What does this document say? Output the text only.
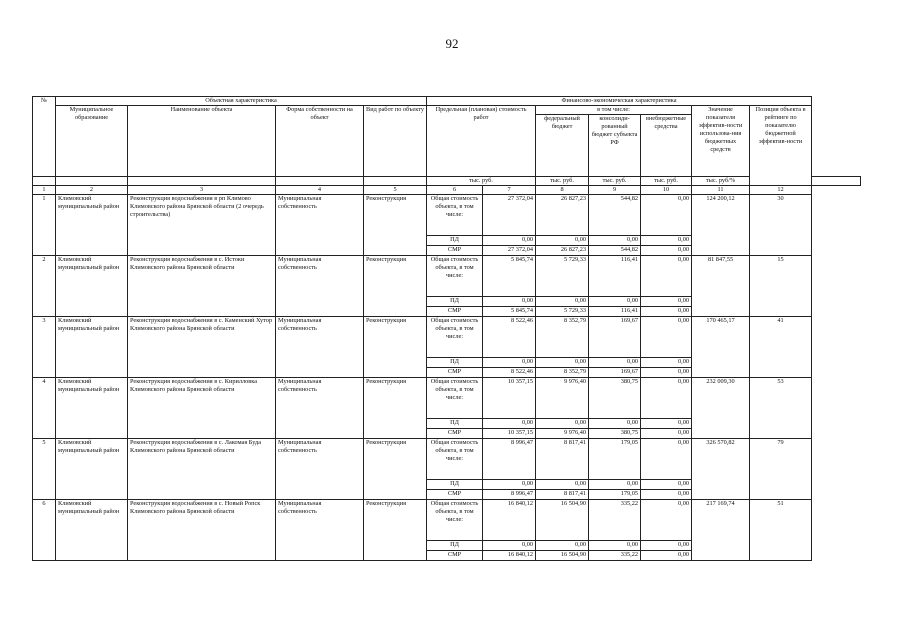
92
№	Объектная характеристика				Финансово-экономическая характеристика							
	Муниципальное образование	Наименование объекта	Форма собственности на объект	Вид работ по объекту	Предельная (плановая) стоимость работ		в том числе:			Значение показателя эффектив-ности использова-ния бюджетных средств	Позиция объекта в рейтинге по показателю бюджетной эффектив-ности	
							федеральный бюджет	консолиди-рованный бюджет субъекта РФ	внебюджетные средства			
					тыс. руб.		тыс. руб.	тыс. руб.	тыс. руб.	тыс. руб/%		
1	2	3	4	5	6	7	8	9	10	11	12	
1	Климовский муниципальный район	Реконструкция водоснабжения в рп Климово Климовского района Брянской области (2 очередь строительства)	Муниципальная собственность	Реконструкция	Общая стоимость объекта, в том числе:	27 372,04	26 827,23	544,82	0,00	124 200,12	30	
					ПД	0,00	0,00	0,00	0,00			
					СМР	27 372,04	26 827,23	544,82	0,00			
2	Климовский муниципальный район	Реконструкция водоснабжения в с. Истоки Климовского района Брянской области	Муниципальная собственность	Реконструкция	Общая стоимость объекта, в том числе:	5 845,74	5 729,33	116,41	0,00	81 847,55	15	
					ПД	0,00	0,00	0,00	0,00			
					СМР	5 845,74	5 729,33	116,41	0,00			
3	Климовский муниципальный район	Реконструкция водоснабжения в с. Каменский Хутор Климовского района Брянской области	Муниципальная собственность	Реконструкция	Общая стоимость объекта, в том числе:	8 522,46	8 352,79	169,67	0,00	170 465,17	41	
					ПД	0,00	0,00	0,00	0,00			
					СМР	8 522,46	8 352,79	169,67	0,00			
4	Климовский муниципальный район	Реконструкция водоснабжения в с. Кирилловка Климовского района Брянской области	Муниципальная собственность	Реконструкция	Общая стоимость объекта, в том числе:	10 357,15	9 976,40	380,75	0,00	232 009,30	53	
					ПД	0,00	0,00	0,00	0,00			
					СМР	10 357,15	9 976,40	380,75	0,00			
5	Климовский муниципальный район	Реконструкция водоснабжения в с. Лакомая Буда Климовского района Брянской области	Муниципальная собственность	Реконструкция	Общая стоимость объекта, в том числе:	8 996,47	8 817,41	179,05	0,00	326 570,82	79	
					ПД	0,00	0,00	0,00	0,00			
					СМР	8 996,47	8 817,41	179,05	0,00			
6	Климовский муниципальный район	Реконструкция водоснабжения в с. Новый Ропск Климовского района Брянской области	Муниципальная собственность	Реконструкция	Общая стоимость объекта, в том числе:	16 840,12	16 504,90	335,22	0,00	217 169,74	51	
					ПД	0,00	0,00	0,00	0,00			
					СМР	16 840,12	16 504,90	335,22	0,00			
